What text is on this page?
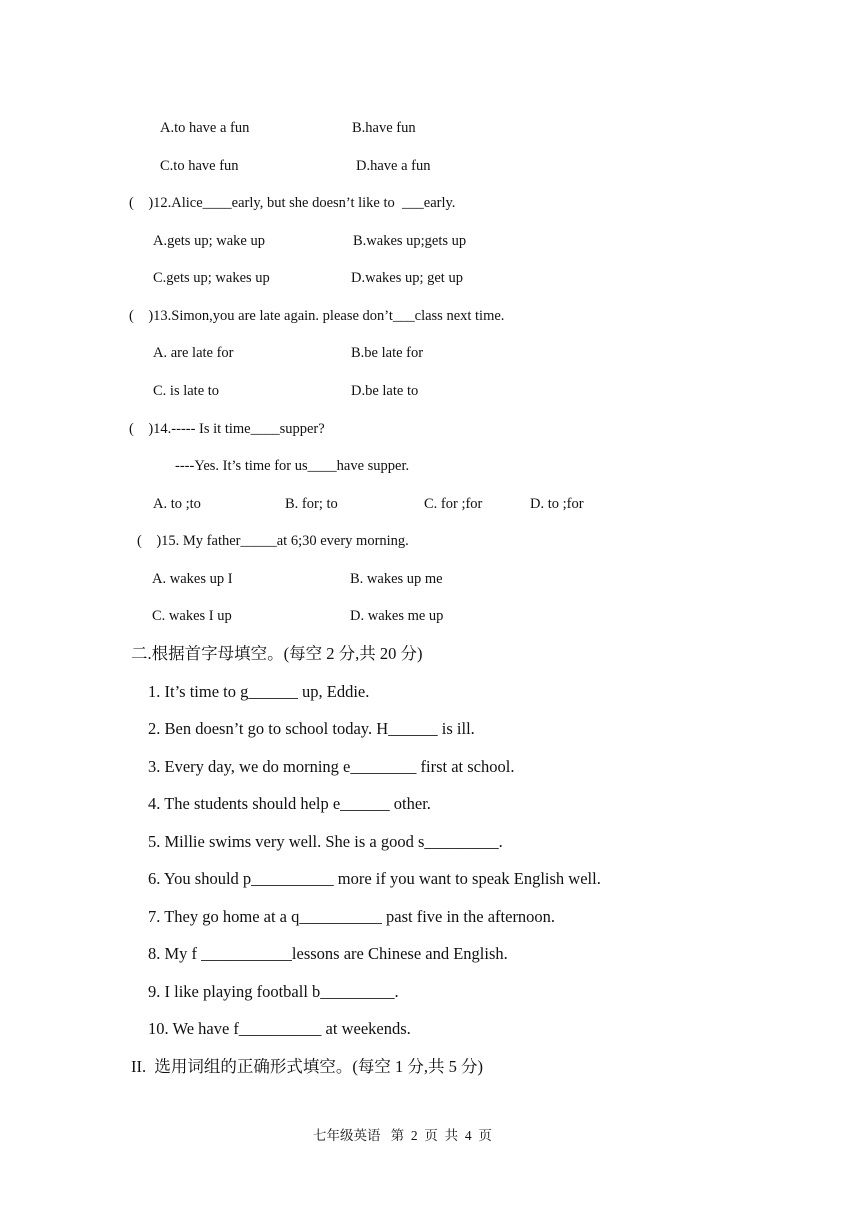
A.to have a fun	B.have fun
C.to have fun	D.have a fun
(    )12.Alice____early, but she doesn’t like to  ___early.
A.gets up; wake up	B.wakes up;gets up
C.gets up; wakes up	D.wakes up; get up
(    )13.Simon,you are late again. please don’t___class next time.
A. are late for	B.be late for
C. is late to	D.be late to
(    )14.----- Is it time____supper?
----Yes. It’s time for us____have supper.
A. to ;to	B. for; to	C. for ;for	D. to ;for
(    )15. My father_____at 6;30 every morning.
A. wakes up I	B. wakes up me
C. wakes I up	D. wakes me up
二.根据首字母填空。(每空 2 分,共 20 分)
1. It’s time to g______ up, Eddie.
2. Ben doesn’t go to school today. H______ is ill.
3. Every day, we do morning e________ first at school.
4. The students should help e______ other.
5. Millie swims very well. She is a good s_________.
6. You should p__________ more if you want to speak English well.
7. They go home at a q__________ past five in the afternoon.
8. My f ___________lessons are Chinese and English.
9. I like playing football b_________.
10. We have f__________ at weekends.
II.  选用词组的正确形式填空。(每空 1 分,共 5 分)
七年级英语   第  2  页  共  4  页
